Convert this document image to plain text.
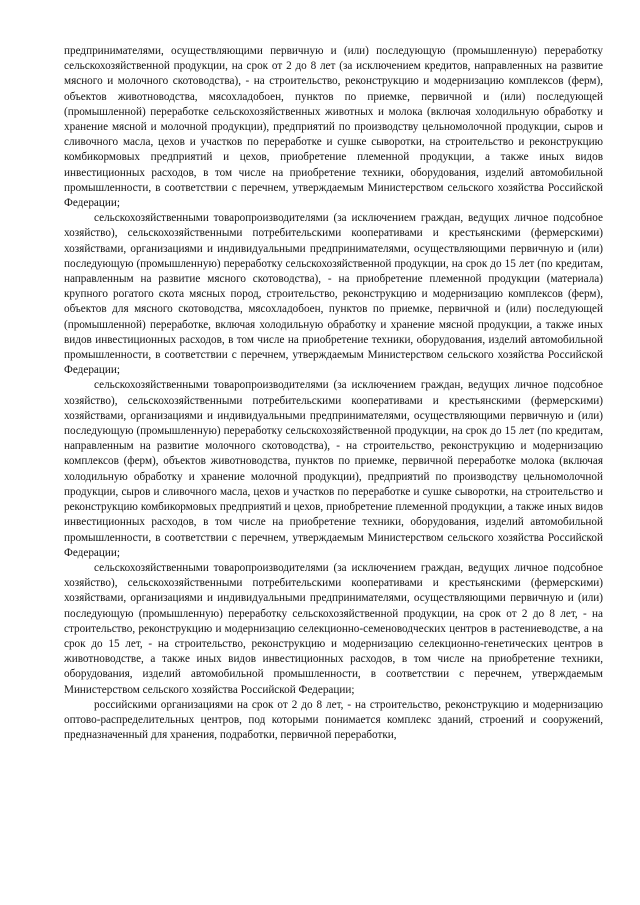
предпринимателями, осуществляющими первичную и (или) последующую (промышленную) переработку сельскохозяйственной продукции, на срок от 2 до 8 лет (за исключением кредитов, направленных на развитие мясного и молочного скотоводства), - на строительство, реконструкцию и модернизацию комплексов (ферм), объектов животноводства, мясохладобоен, пунктов по приемке, первичной и (или) последующей (промышленной) переработке сельскохозяйственных животных и молока (включая холодильную обработку и хранение мясной и молочной продукции), предприятий по производству цельномолочной продукции, сыров и сливочного масла, цехов и участков по переработке и сушке сыворотки, на строительство и реконструкцию комбикормовых предприятий и цехов, приобретение племенной продукции, а также иных видов инвестиционных расходов, в том числе на приобретение техники, оборудования, изделий автомобильной промышленности, в соответствии с перечнем, утверждаемым Министерством сельского хозяйства Российской Федерации;

сельскохозяйственными товаропроизводителями (за исключением граждан, ведущих личное подсобное хозяйство), сельскохозяйственными потребительскими кооперативами и крестьянскими (фермерскими) хозяйствами, организациями и индивидуальными предпринимателями, осуществляющими первичную и (или) последующую (промышленную) переработку сельскохозяйственной продукции, на срок до 15 лет (по кредитам, направленным на развитие мясного скотоводства), - на приобретение племенной продукции (материала) крупного рогатого скота мясных пород, строительство, реконструкцию и модернизацию комплексов (ферм), объектов для мясного скотоводства, мясохладобоен, пунктов по приемке, первичной и (или) последующей (промышленной) переработке, включая холодильную обработку и хранение мясной продукции, а также иных видов инвестиционных расходов, в том числе на приобретение техники, оборудования, изделий автомобильной промышленности, в соответствии с перечнем, утверждаемым Министерством сельского хозяйства Российской Федерации;

сельскохозяйственными товаропроизводителями (за исключением граждан, ведущих личное подсобное хозяйство), сельскохозяйственными потребительскими кооперативами и крестьянскими (фермерскими) хозяйствами, организациями и индивидуальными предпринимателями, осуществляющими первичную и (или) последующую (промышленную) переработку сельскохозяйственной продукции, на срок до 15 лет (по кредитам, направленным на развитие молочного скотоводства), - на строительство, реконструкцию и модернизацию комплексов (ферм), объектов животноводства, пунктов по приемке, первичной переработке молока (включая холодильную обработку и хранение молочной продукции), предприятий по производству цельномолочной продукции, сыров и сливочного масла, цехов и участков по переработке и сушке сыворотки, на строительство и реконструкцию комбикормовых предприятий и цехов, приобретение племенной продукции, а также иных видов инвестиционных расходов, в том числе на приобретение техники, оборудования, изделий автомобильной промышленности, в соответствии с перечнем, утверждаемым Министерством сельского хозяйства Российской Федерации;

сельскохозяйственными товаропроизводителями (за исключением граждан, ведущих личное подсобное хозяйство), сельскохозяйственными потребительскими кооперативами и крестьянскими (фермерскими) хозяйствами, организациями и индивидуальными предпринимателями, осуществляющими первичную и (или) последующую (промышленную) переработку сельскохозяйственной продукции, на срок от 2 до 8 лет, - на строительство, реконструкцию и модернизацию селекционно-семеноводческих центров в растениеводстве, а на срок до 15 лет, - на строительство, реконструкцию и модернизацию селекционно-генетических центров в животноводстве, а также иных видов инвестиционных расходов, в том числе на приобретение техники, оборудования, изделий автомобильной промышленности, в соответствии с перечнем, утверждаемым Министерством сельского хозяйства Российской Федерации;

российскими организациями на срок от 2 до 8 лет, - на строительство, реконструкцию и модернизацию оптово-распределительных центров, под которыми понимается комплекс зданий, строений и сооружений, предназначенный для хранения, подработки, первичной переработки,
